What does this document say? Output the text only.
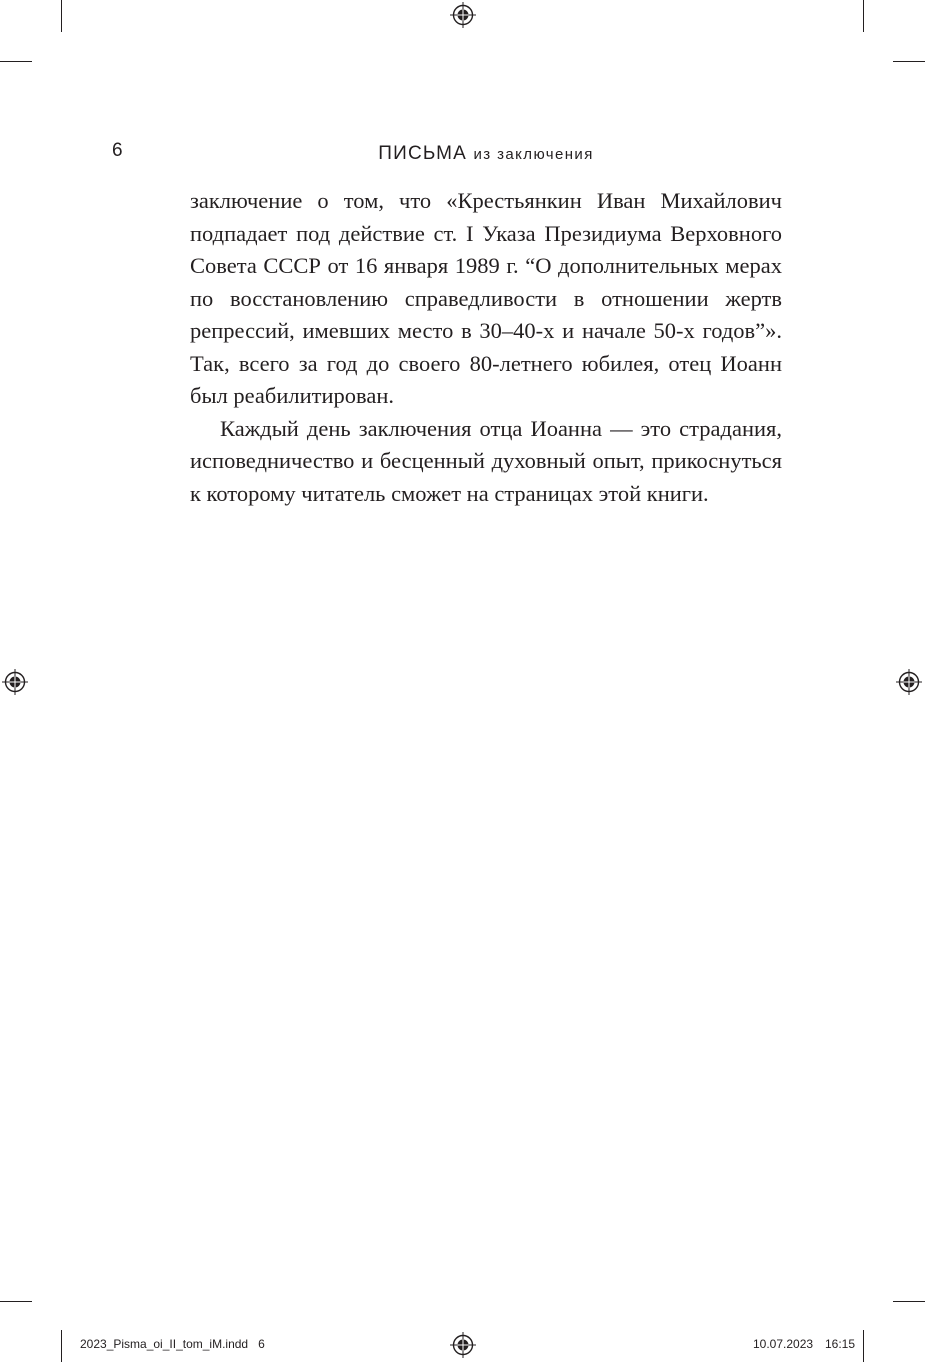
6	ПИСЬМА из заключения

заключение о том, что «Крестьянкин Иван Михайлович подпадает под действие ст. I Указа Президиума Верховного Совета СССР от 16 января 1989 г. “О дополнительных мерах по восстановлению справедливости в отношении жертв репрессий, имевших место в 30–40-х и начале 50-х годов”». Так, всего за год до своего 80-летнего юбилея, отец Иоанн был реабилитирован.

Каждый день заключения отца Иоанна — это страдания, исповедничество и бесценный духовный опыт, прикоснуться к которому читатель сможет на страницах этой книги.

2023_Pisma_oi_II_tom_iM.indd   6	10.07.2023 16:15
